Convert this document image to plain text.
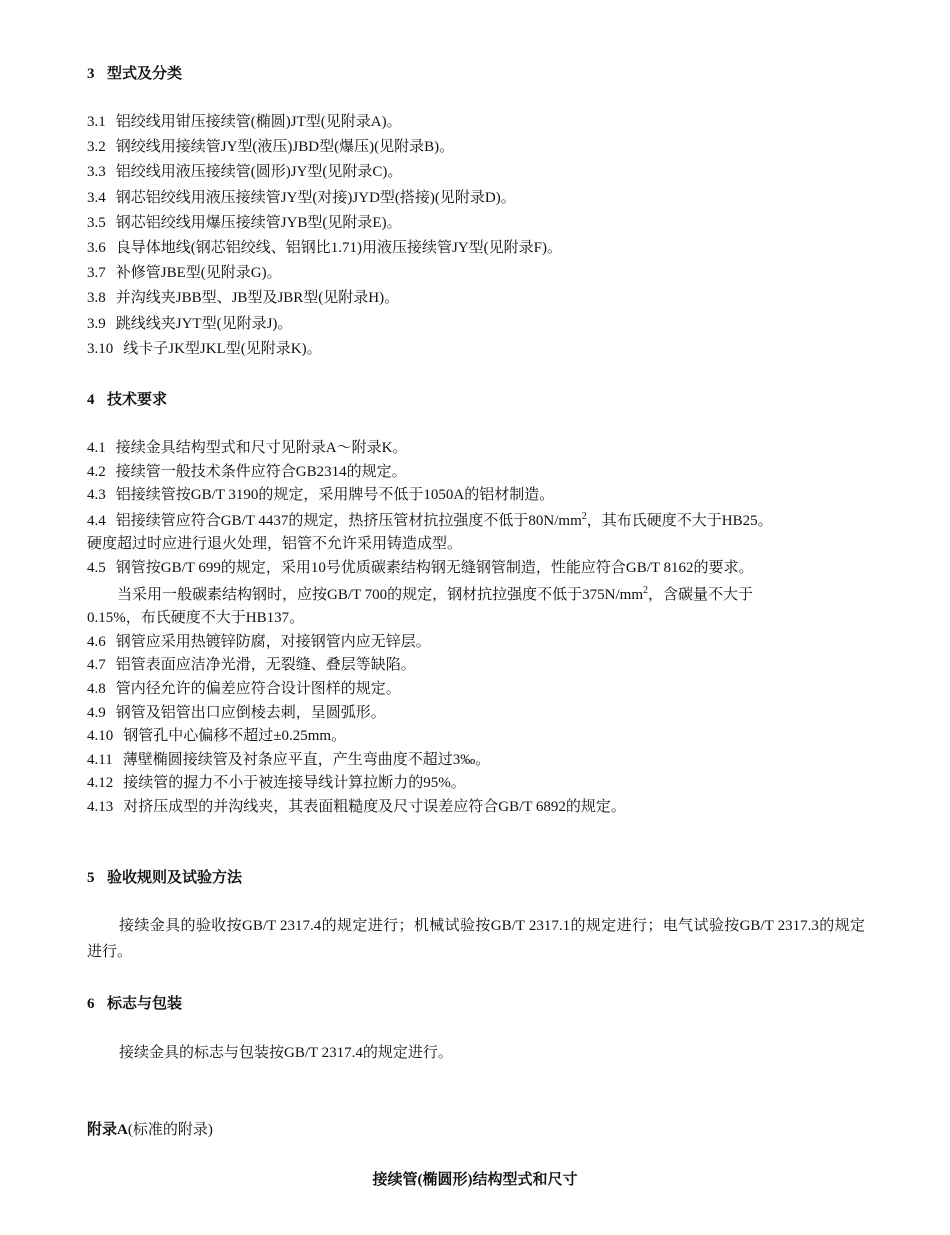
3 型式及分类
3.1 铝绞线用钳压接续管(椭圆)JT型(见附录A)。
3.2 钢绞线用接续管JY型(液压)JBD型(爆压)(见附录B)。
3.3 铝绞线用液压接续管(圆形)JY型(见附录C)。
3.4 钢芯铝绞线用液压接续管JY型(对接)JYD型(搭接)(见附录D)。
3.5 钢芯铝绞线用爆压接续管JYB型(见附录E)。
3.6 良导体地线(钢芯铝绞线、铝钢比1.71)用液压接续管JY型(见附录F)。
3.7 补修管JBE型(见附录G)。
3.8 并沟线夹JBB型、JB型及JBR型(见附录H)。
3.9 跳线线夹JYT型(见附录J)。
3.10 线卡子JK型JKL型(见附录K)。
4 技术要求
4.1 接续金具结构型式和尺寸见附录A～附录K。
4.2 接续管一般技术条件应符合GB2314的规定。
4.3 铝接续管按GB/T 3190的规定，采用牌号不低于1050A的铝材制造。
4.4 铝接续管应符合GB/T 4437的规定，热挤压管材抗拉强度不低于$80N/mm^2$，其布氏硬度不大于HB25。
硬度超过时应进行退火处理，铝管不允许采用铸造成型。
4.5 钢管按GB/T 699的规定，采用10号优质碳素结构钢无缝钢管制造，性能应符合GB/T 8162的要求。
当采用一般碳素结构钢时，应按GB/T 700的规定，钢材抗拉强度不低于$375N/mm^2$，含碳量不大于
0.15%，布氏硬度不大于HB137。
4.6 钢管应采用热镀锌防腐，对接钢管内应无锌层。
4.7 铝管表面应洁净光滑，无裂缝、叠层等缺陷。
4.8 管内径允许的偏差应符合设计图样的规定。
4.9 钢管及铝管出口应倒棱去刺，呈圆弧形。
4.10 钢管孔中心偏移不超过±0.25mm。
4.11 薄壁椭圆接续管及衬条应平直，产生弯曲度不超过3‰。
4.12 接续管的握力不小于被连接导线计算拉断力的95%。
4.13 对挤压成型的并沟线夹，其表面粗糙度及尺寸误差应符合GB/T 6892的规定。
5 验收规则及试验方法
接续金具的验收按GB/T 2317.4的规定进行；机械试验按GB/T 2317.1的规定进行；电气试验按GB/T 2317.3的规定进行。
6 标志与包装
接续金具的标志与包装按GB/T 2317.4的规定进行。
附录A(标准的附录)
接续管(椭圆形)结构型式和尺寸
